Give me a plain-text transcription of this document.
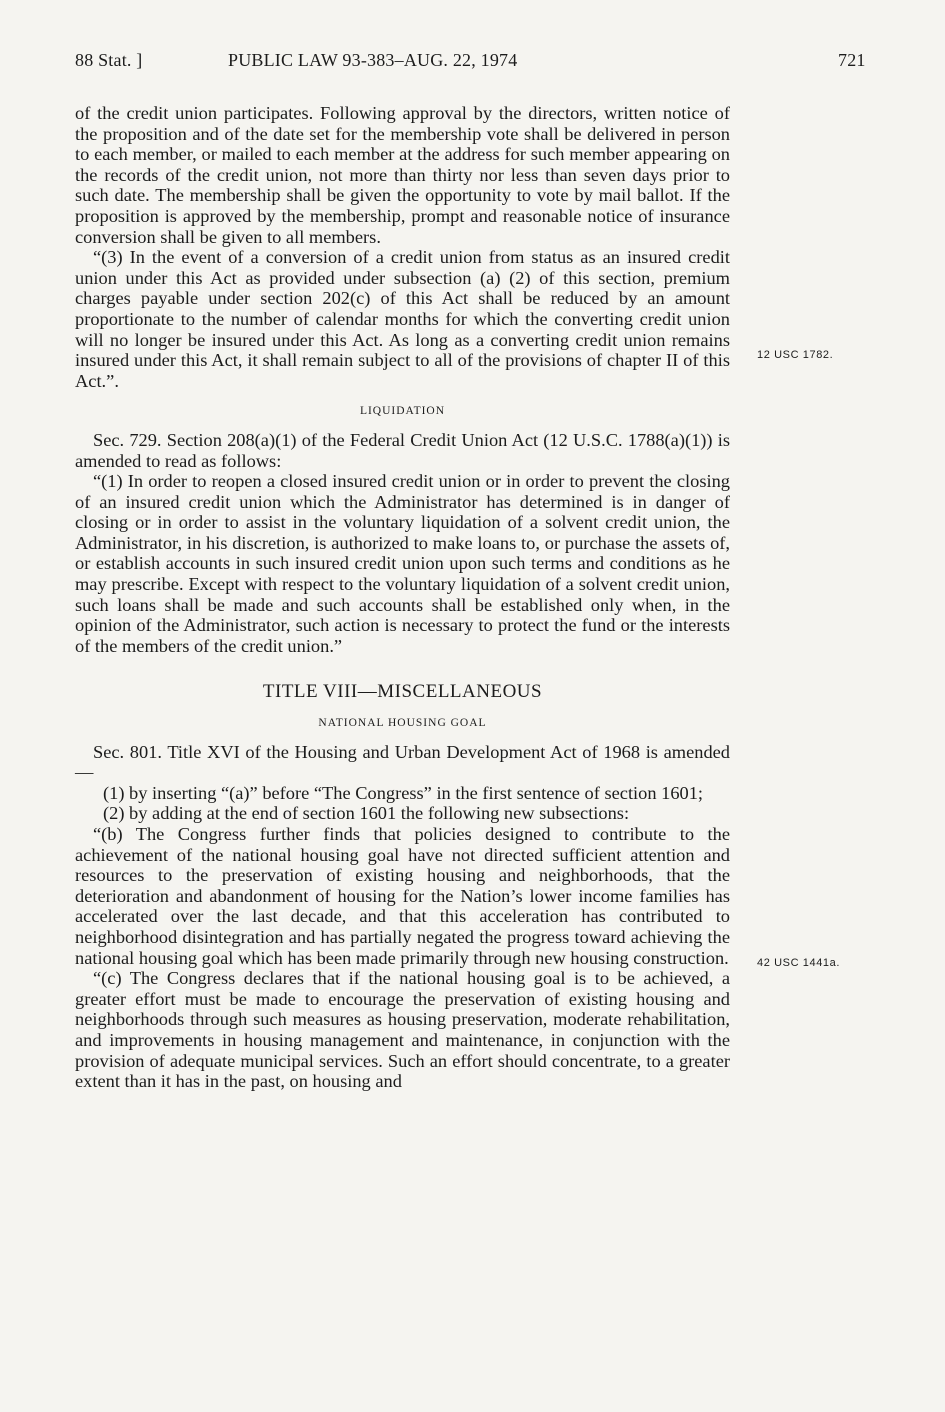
88 Stat. ]	PUBLIC LAW 93-383–AUG. 22, 1974	721
12 USC 1782.
42 USC 1441a.

of the credit union participates. Following approval by the directors, written notice of the proposition and of the date set for the membership vote shall be delivered in person to each member, or mailed to each member at the address for such member appearing on the records of the credit union, not more than thirty nor less than seven days prior to such date. The membership shall be given the opportunity to vote by mail ballot. If the proposition is approved by the membership, prompt and reasonable notice of insurance conversion shall be given to all members.

“(3) In the event of a conversion of a credit union from status as an insured credit union under this Act as provided under subsection (a) (2) of this section, premium charges payable under section 202(c) of this Act shall be reduced by an amount proportionate to the number of calendar months for which the converting credit union will no longer be insured under this Act. As long as a converting credit union remains insured under this Act, it shall remain subject to all of the provisions of chapter II of this Act.”.

LIQUIDATION

Sec. 729. Section 208(a)(1) of the Federal Credit Union Act (12 U.S.C. 1788(a)(1)) is amended to read as follows:

“(1) In order to reopen a closed insured credit union or in order to prevent the closing of an insured credit union which the Administrator has determined is in danger of closing or in order to assist in the voluntary liquidation of a solvent credit union, the Administrator, in his discretion, is authorized to make loans to, or purchase the assets of, or establish accounts in such insured credit union upon such terms and conditions as he may prescribe. Except with respect to the voluntary liquidation of a solvent credit union, such loans shall be made and such accounts shall be established only when, in the opinion of the Administrator, such action is necessary to protect the fund or the interests of the members of the credit union.”

TITLE VIII—MISCELLANEOUS
NATIONAL HOUSING GOAL

Sec. 801. Title XVI of the Housing and Urban Development Act of 1968 is amended—

(1) by inserting “(a)” before “The Congress” in the first sentence of section 1601;

(2) by adding at the end of section 1601 the following new subsections:

“(b) The Congress further finds that policies designed to contribute to the achievement of the national housing goal have not directed sufficient attention and resources to the preservation of existing housing and neighborhoods, that the deterioration and abandonment of housing for the Nation’s lower income families has accelerated over the last decade, and that this acceleration has contributed to neighborhood disintegration and has partially negated the progress toward achieving the national housing goal which has been made primarily through new housing construction.

“(c) The Congress declares that if the national housing goal is to be achieved, a greater effort must be made to encourage the preservation of existing housing and neighborhoods through such measures as housing preservation, moderate rehabilitation, and improvements in housing management and maintenance, in conjunction with the provision of adequate municipal services. Such an effort should concentrate, to a greater extent than it has in the past, on housing and
